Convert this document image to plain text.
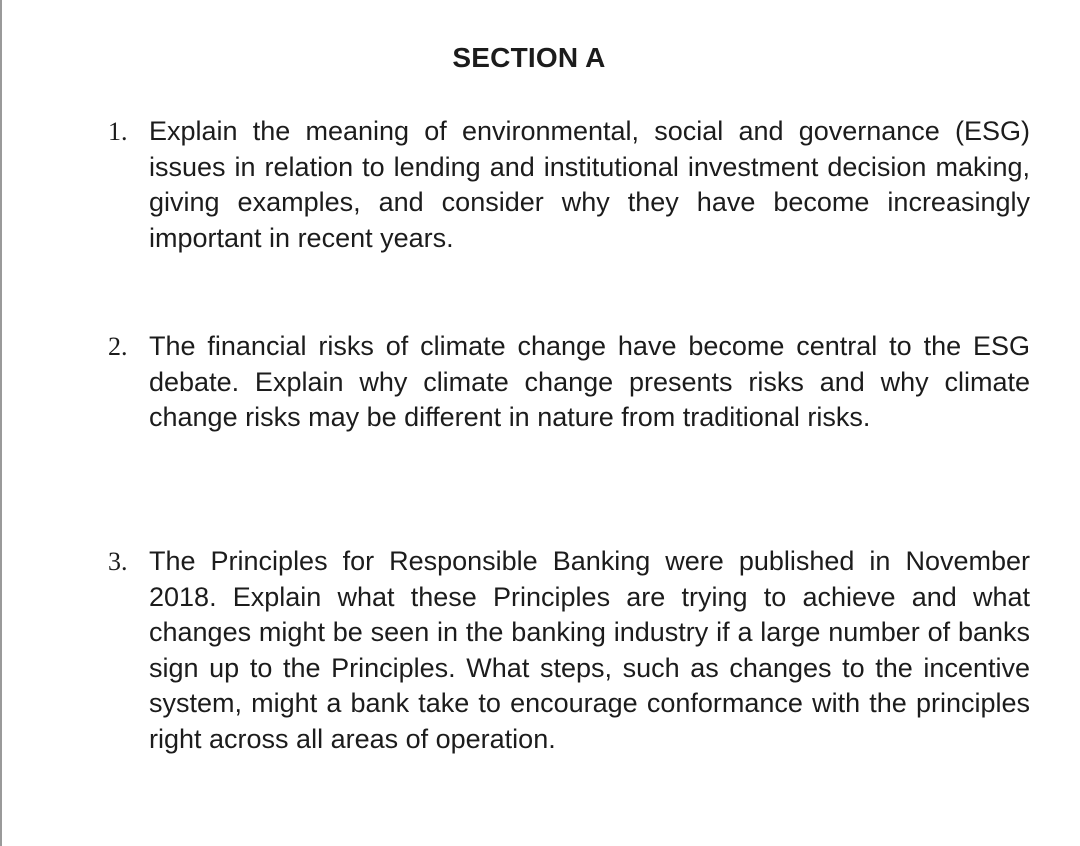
SECTION A
1. Explain the meaning of environmental, social and governance (ESG) issues in relation to lending and institutional investment decision making, giving examples, and consider why they have become increasingly important in recent years.
2. The financial risks of climate change have become central to the ESG debate. Explain why climate change presents risks and why climate change risks may be different in nature from traditional risks.
3. The Principles for Responsible Banking were published in November 2018. Explain what these Principles are trying to achieve and what changes might be seen in the banking industry if a large number of banks sign up to the Principles. What steps, such as changes to the incentive system, might a bank take to encourage conformance with the principles right across all areas of operation.
